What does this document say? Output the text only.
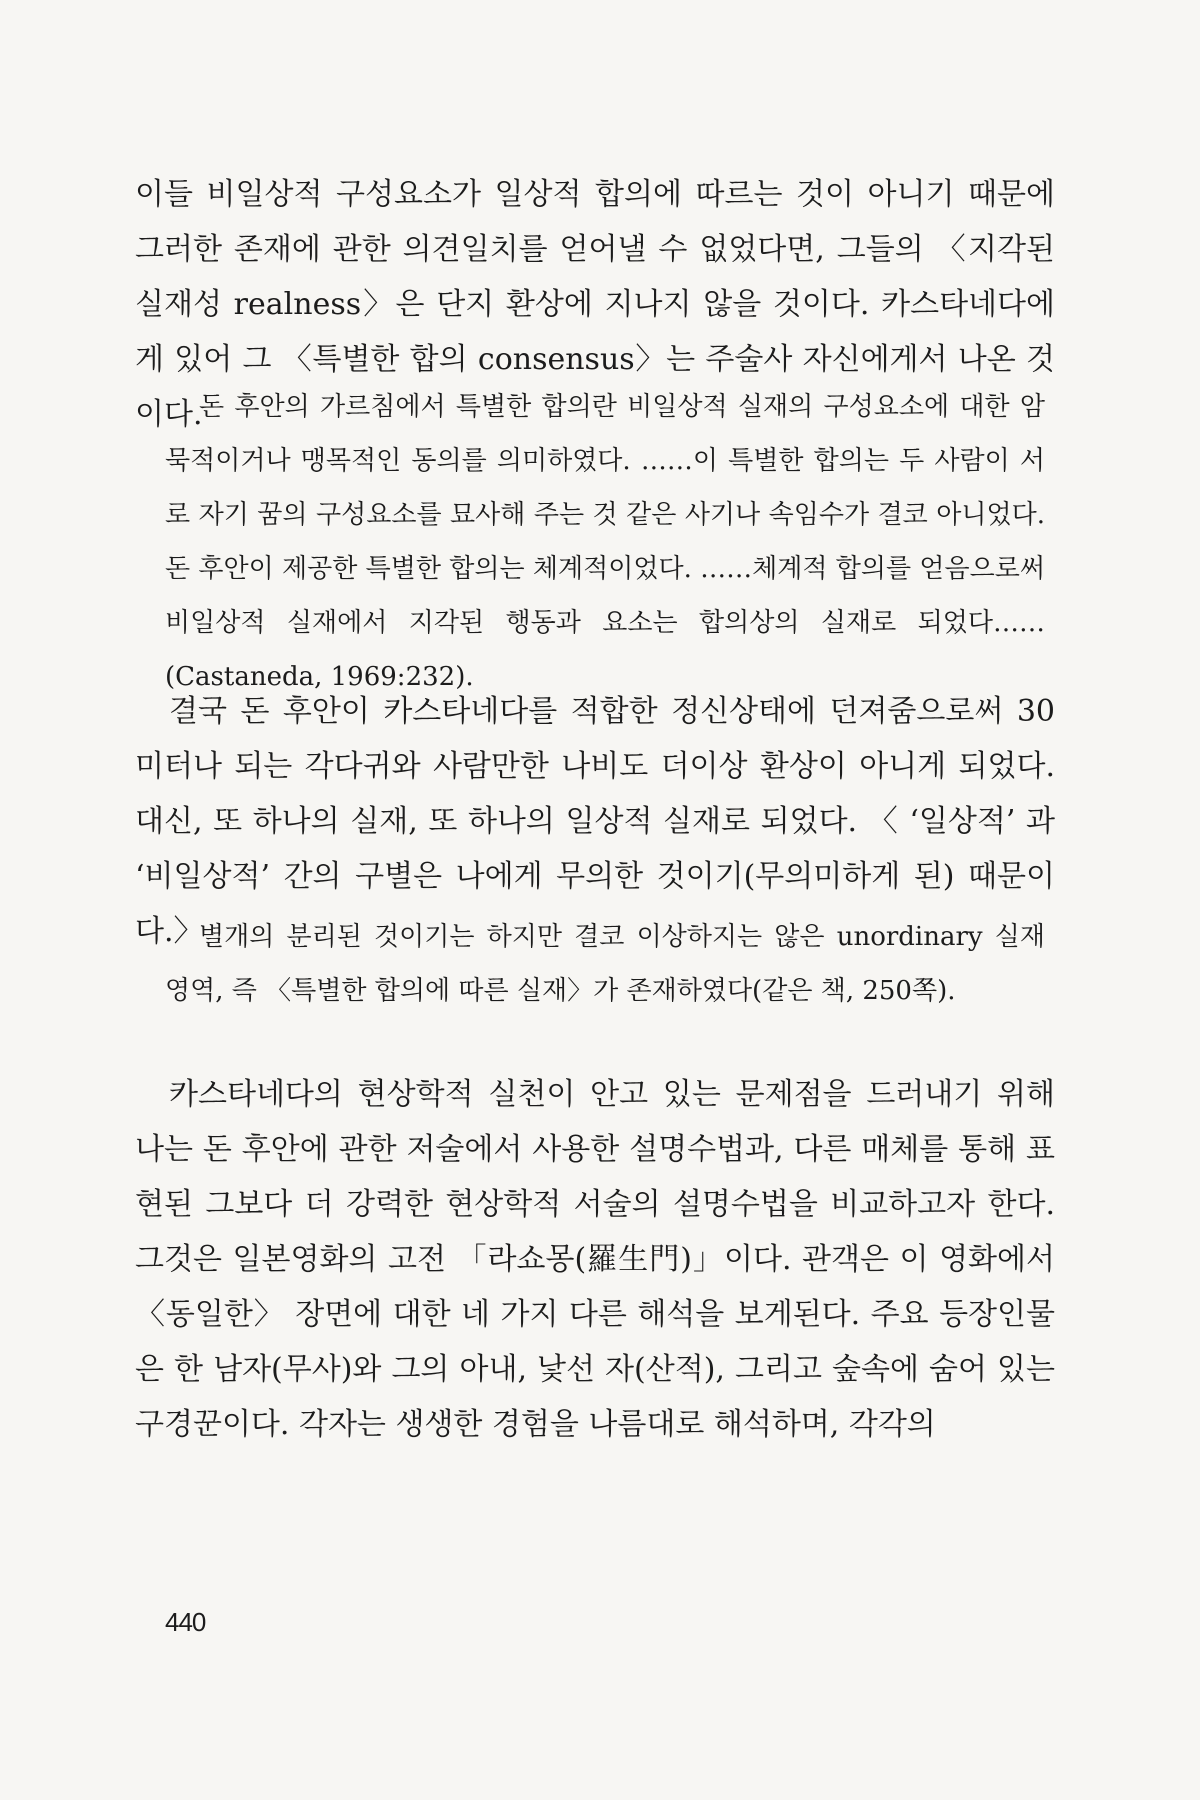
이들 비일상적 구성요소가 일상적 합의에 따르는 것이 아니기 때문에 그러한 존재에 관한 의견일치를 얻어낼 수 없었다면, 그들의 〈지각된 실재성 realness〉은 단지 환상에 지나지 않을 것이다. 카스타네다에게 있어 그 〈특별한 합의 consensus〉는 주술사 자신에게서 나온 것이다.

돈 후안의 가르침에서 특별한 합의란 비일상적 실재의 구성요소에 대한 암묵적이거나 맹목적인 동의를 의미하였다. ……이 특별한 합의는 두 사람이 서로 자기 꿈의 구성요소를 묘사해 주는 것 같은 사기나 속임수가 결코 아니었다. 돈 후안이 제공한 특별한 합의는 체계적이었다. ……체계적 합의를 얻음으로써 비일상적 실재에서 지각된 행동과 요소는 합의상의 실재로 되었다……(Castaneda, 1969:232).

결국 돈 후안이 카스타네다를 적합한 정신상태에 던져줌으로써 30미터나 되는 각다귀와 사람만한 나비도 더이상 환상이 아니게 되었다. 대신, 또 하나의 실재, 또 하나의 일상적 실재로 되었다. 〈 ‘일상적’ 과 ‘비일상적’ 간의 구별은 나에게 무의한 것이기(무의미하게 된) 때문이다.〉

별개의 분리된 것이기는 하지만 결코 이상하지는 않은 unordinary 실재 영역, 즉 〈특별한 합의에 따른 실재〉가 존재하였다(같은 책, 250쪽).

카스타네다의 현상학적 실천이 안고 있는 문제점을 드러내기 위해 나는 돈 후안에 관한 저술에서 사용한 설명수법과, 다른 매체를 통해 표현된 그보다 더 강력한 현상학적 서술의 설명수법을 비교하고자 한다. 그것은 일본영화의 고전 「라쇼몽(羅生門)」이다. 관객은 이 영화에서 〈동일한〉 장면에 대한 네 가지 다른 해석을 보게된다. 주요 등장인물은 한 남자(무사)와 그의 아내, 낯선 자(산적), 그리고 숲속에 숨어 있는 구경꾼이다. 각자는 생생한 경험을 나름대로 해석하며, 각각의

440
